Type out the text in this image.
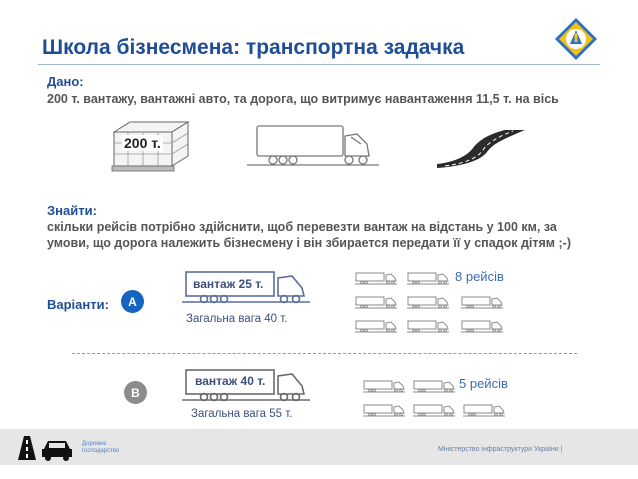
Школа бізнесмена: транспортна задачка
Дано:
200 т. вантажу, вантажні авто, та дорога, що витримує навантаження 11,5 т. на вісь
200 т.
Знайти:
скільки рейсів потрібно здійснити, щоб перевезти вантаж на відстань у 100 км, за умови, що дорога належить бізнесмену і він збирается передати її у спадок дітям ;-)
Варіанти:	A
вантаж 25 т.
Загальна вага 40 т.
8 рейсів
B
вантаж 40 т.
Загальна вага 55 т.
5 рейсів
Дорожнє
господарство	Міністерство інфраструктури України |
